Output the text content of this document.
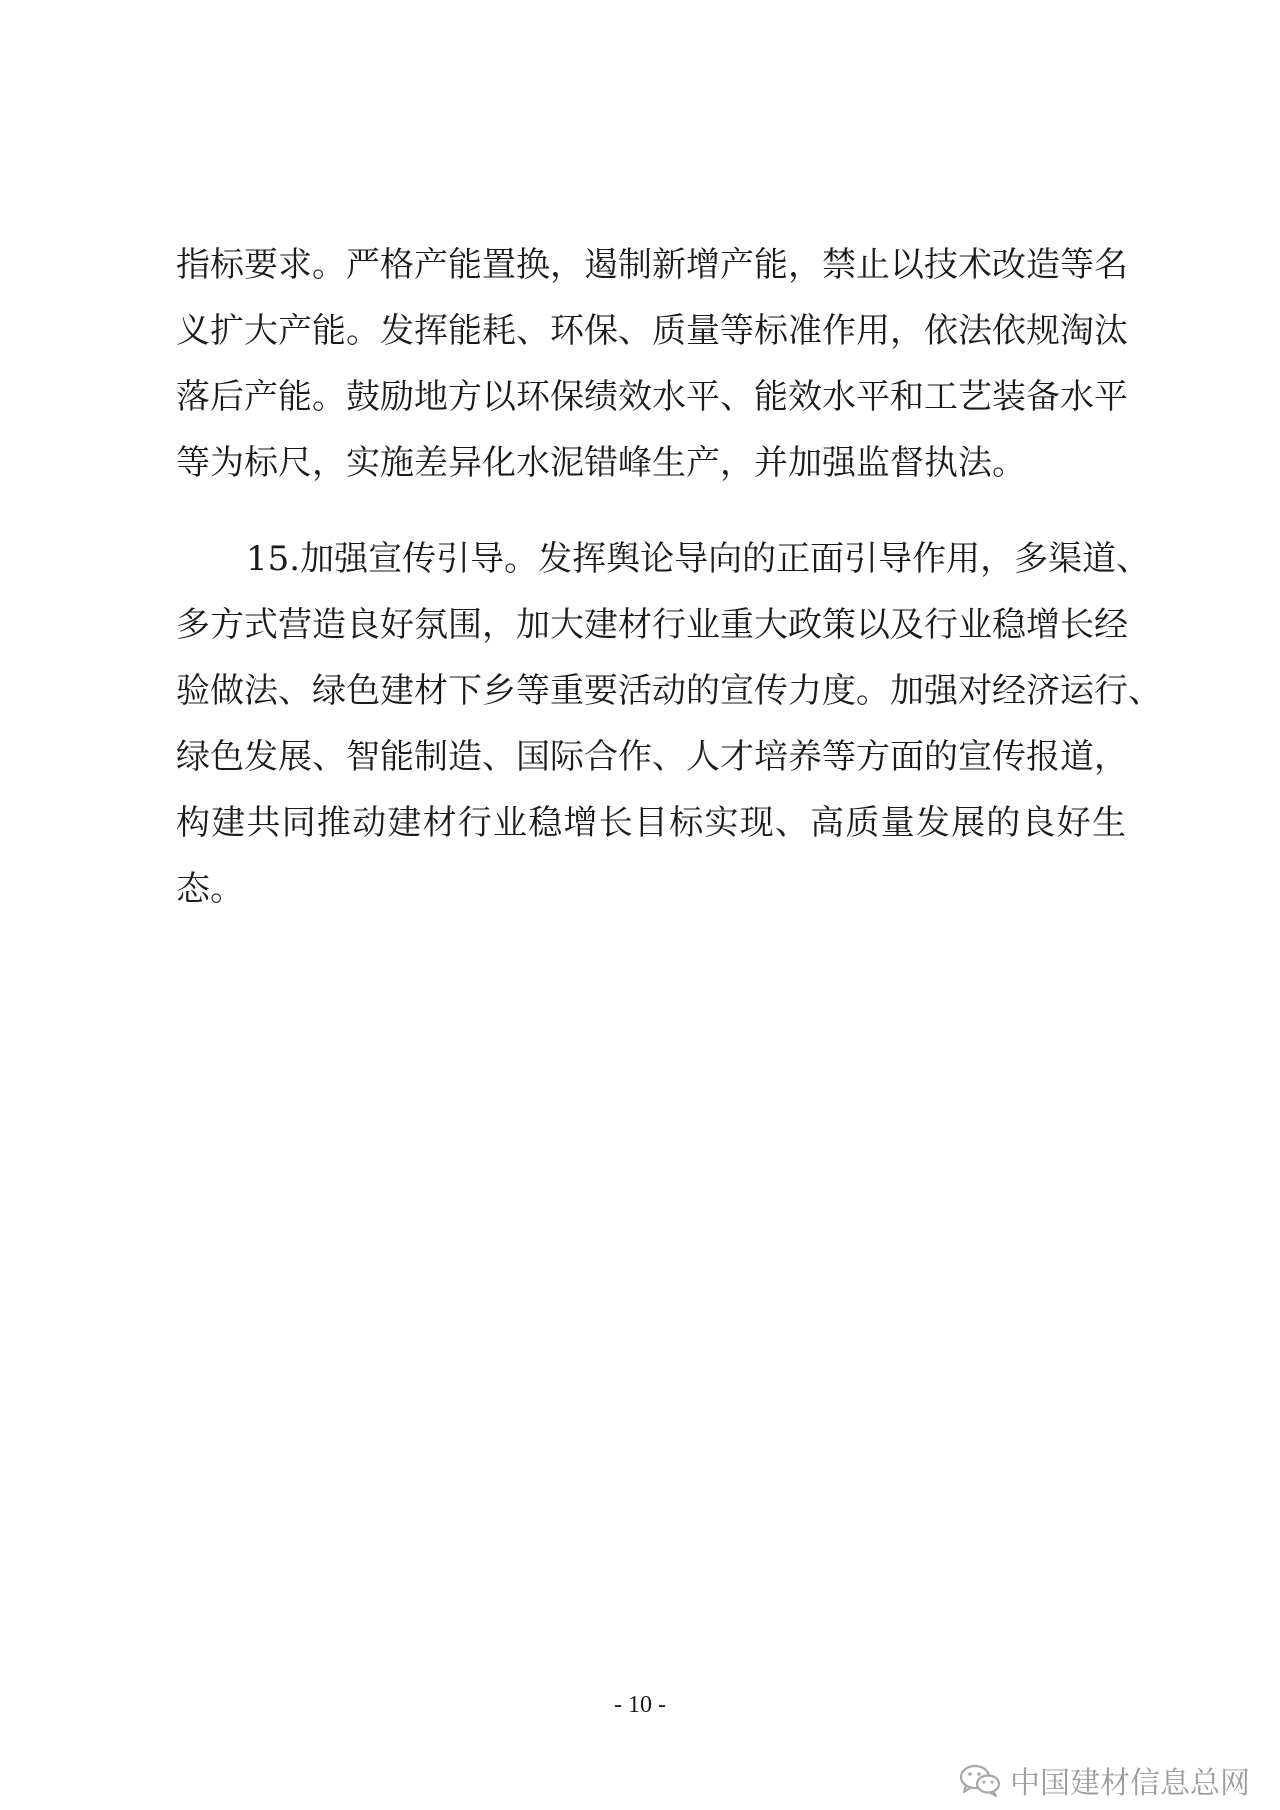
指标要求。严格产能置换，遏制新增产能，禁止以技术改造等名
义扩大产能。发挥能耗、环保、质量等标准作用，依法依规淘汰
落后产能。鼓励地方以环保绩效水平、能效水平和工艺装备水平
等为标尺，实施差异化水泥错峰生产，并加强监督执法。
15.加强宣传引导。发挥舆论导向的正面引导作用，多渠道、
多方式营造良好氛围，加大建材行业重大政策以及行业稳增长经
验做法、绿色建材下乡等重要活动的宣传力度。加强对经济运行、
绿色发展、智能制造、国际合作、人才培养等方面的宣传报道，
构建共同推动建材行业稳增长目标实现、高质量发展的良好生
态。
- 10 -
中国建材信息总网
